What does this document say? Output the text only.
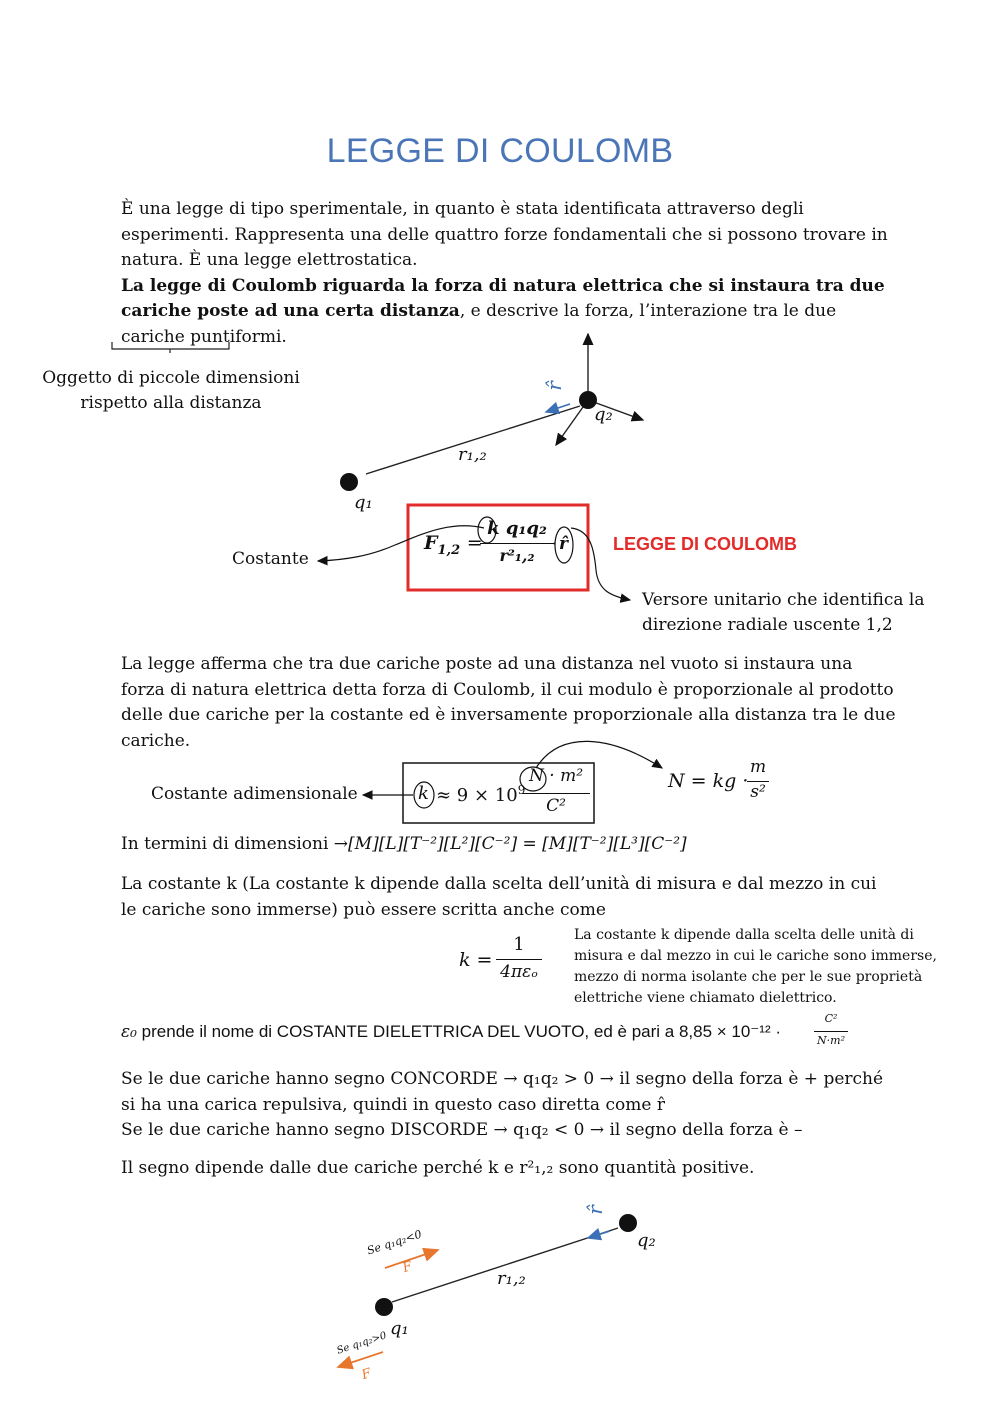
LEGGE DI COULOMB

È una legge di tipo sperimentale, in quanto è stata identificata attraverso degli esperimenti. Rappresenta una delle quattro forze fondamentali che si possono trovare in natura. È una legge elettrostatica.

La legge di Coulomb riguarda la forza di natura elettrica che si instaura tra due cariche poste ad una certa distanza, e descrive la forza, l’interazione tra le due cariche puntiformi.

Oggetto di piccole dimensioni rispetto alla distanza
r̂
q₂
r₁,₂
q₁
$F_{1,2}$ =
k q₁q₂
r²₁,₂
· r̂	LEGGE DI COULOMB
Costante
Versore unitario che identifica la direzione radiale uscente 1,2
La legge afferma che tra due cariche poste ad una distanza nel vuoto si instaura una forza di natura elettrica detta forza di Coulomb, il cui modulo è proporzionale al prodotto delle due cariche per la costante ed è inversamente proporzionale alla distanza tra le due cariche.
Costante adimensionale	$k \approx 9 \times 10^9$
N · m²
C²
N = kg ·
m
s²
In termini di dimensioni →[M][L][T⁻²][L²][C⁻²] = [M][T⁻²][L³][C⁻²]
La costante k (La costante k dipende dalla scelta dell’unità di misura e dal mezzo in cui le cariche sono immerse) può essere scritta anche come
k =
1
4πεₒ
La costante k dipende dalla scelta delle unità di misura e dal mezzo in cui le cariche sono immerse, mezzo di norma isolante che per le sue proprietà elettriche viene chiamato dielettrico.
ε₀ prende il nome di COSTANTE DIELETTRICA DEL VUOTO, ed è pari a 8,85 × 10⁻¹² ·
C²
N·m²

Se le due cariche hanno segno CONCORDE → q₁q₂ > 0 → il segno della forza è + perché

si ha una carica repulsiva, quindi in questo caso diretta come r̂

Se le due cariche hanno segno DISCORDE → q₁q₂ < 0 → il segno della forza è –

Il segno dipende dalle due cariche perché k e r²₁,₂ sono quantità positive.
r̂
q₂
r₁,₂
q₁
Se q₁q₂<0
F
Se q₁q₂>0
F
